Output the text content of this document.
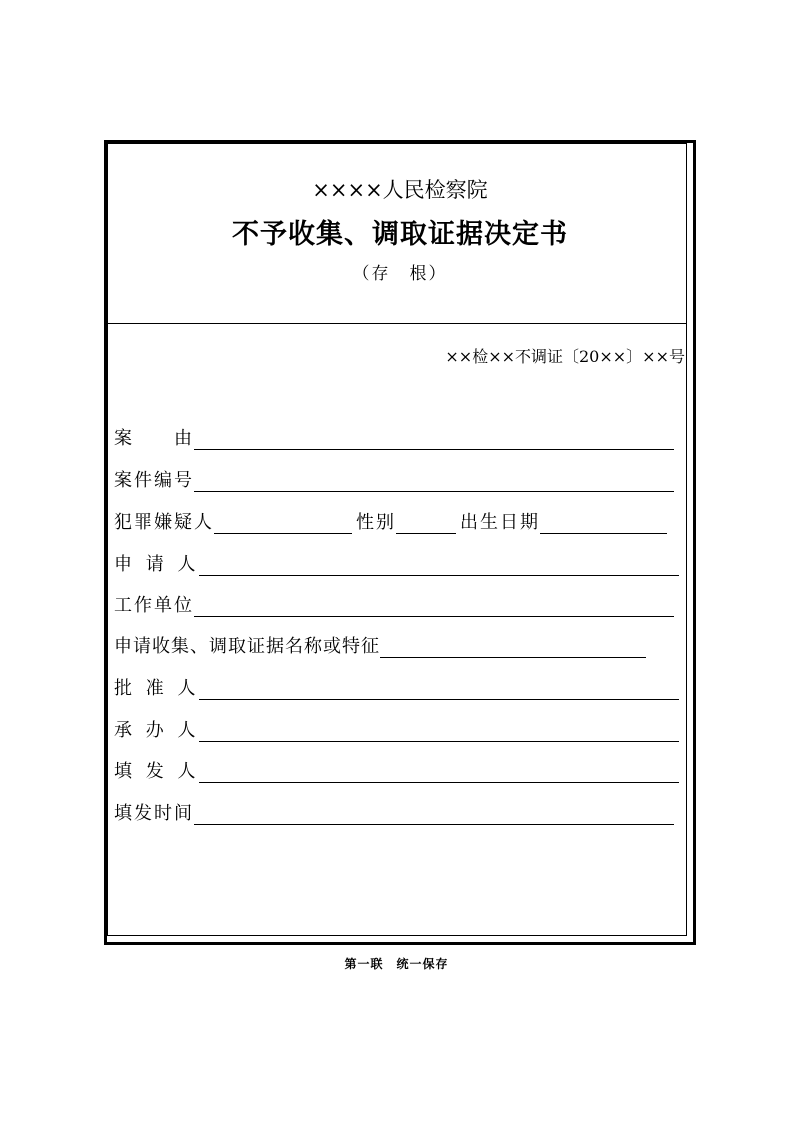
××××人民检察院
不予收集、调取证据决定书
（存　根）
××检××不调证〔20××〕××号
案　　由
案件编号
犯罪嫌疑人	性别	出生日期
申 请 人
工作单位
申请收集、调取证据名称或特征
批 准 人
承 办 人
填 发 人
填发时间
第一联　统一保存
